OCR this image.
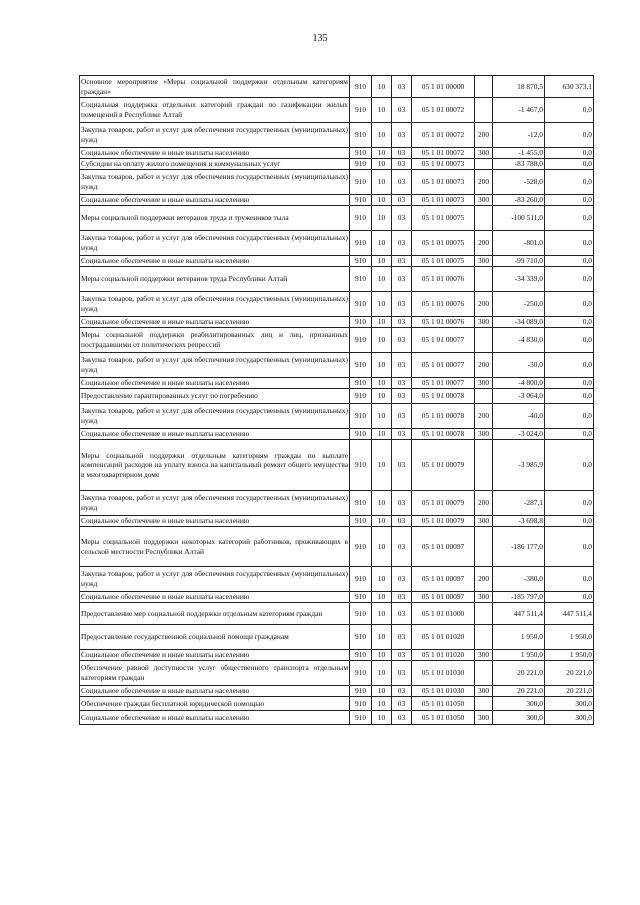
135
Основное мероприятие «Меры социальной поддержки отдельным категориям граждан»	910	10	03	05 1 01 00000		18 870,5	630 373,1
Социальная поддержка отдельных категорий граждан по газификации жилых помещений в Республике Алтай	910	10	03	05 1 01 00072		-1 467,0	0,0
Закупка товаров, работ и услуг для обеспечения государственных (муниципальных) нужд	910	10	03	05 1 01 00072	200	-12,0	0,0
Социальное обеспечение и иные выплаты населению	910	10	03	05 1 01 00072	300	-1 455,0	0,0
Субсидии на оплату жилого помещения и коммунальных услуг	910	10	03	05 1 01 00073		-83 788,0	0,0
Закупка товаров, работ и услуг для обеспечения государственных (муниципальных) нужд	910	10	03	05 1 01 00073	200	-528,0	0,0
Социальное обеспечение и иные выплаты населению	910	10	03	05 1 01 00073	300	-83 260,0	0,0
Меры социальной поддержки ветеранов труда и тружеников тыла	910	10	03	05 1 01 00075		-100 511,0	0,0
Закупка товаров, работ и услуг для обеспечения государственных (муниципальных) нужд	910	10	03	05 1 01 00075	200	-801,0	0,0
Социальное обеспечение и иные выплаты населению	910	10	03	05 1 01 00075	300	-99 710,0	0,0
Меры социальной поддержки ветеранов труда Республики Алтай	910	10	03	05 1 01 00076		-34 339,0	0,0
Закупка товаров, работ и услуг для обеспечения государственных (муниципальных) нужд	910	10	03	05 1 01 00076	200	-250,0	0,0
Социальное обеспечение и иные выплаты населению	910	10	03	05 1 01 00076	300	-34 089,0	0,0
Меры социальной поддержки реабилитированных лиц и лиц, признанных пострадавшими от политических репрессий	910	10	03	05 1 01 00077		-4 830,0	0,0
Закупка товаров, работ и услуг для обеспечения государственных (муниципальных) нужд	910	10	03	05 1 01 00077	200	-30,0	0,0
Социальное обеспечение и иные выплаты населению	910	10	03	05 1 01 00077	300	-4 800,0	0,0
Предоставление гарантированных услуг по погребению	910	10	03	05 1 01 00078		-3 064,0	0,0
Закупка товаров, работ и услуг для обеспечения государственных (муниципальных) нужд	910	10	03	05 1 01 00078	200	-40,0	0,0
Социальное обеспечение и иные выплаты населению	910	10	03	05 1 01 00078	300	-3 024,0	0,0
Меры социальной поддержки отдельным категориям граждан по выплате компенсаций расходов на уплату взноса на капитальный ремонт общего имущества в многоквартирном доме	910	10	03	05 1 01 00079		-3 985,9	0,0
Закупка товаров, работ и услуг для обеспечения государственных (муниципальных) нужд	910	10	03	05 1 01 00079	200	-287,1	0,0
Социальное обеспечение и иные выплаты населению	910	10	03	05 1 01 00079	300	-3 698,8	0,0
Меры социальной поддержки некоторых категорий работников, проживающих в сельской местности Республики Алтай	910	10	03	05 1 01 00097		-186 177,0	0,0
Закупка товаров, работ и услуг для обеспечения государственных (муниципальных) нужд	910	10	03	05 1 01 00097	200	-380,0	0,0
Социальное обеспечение и иные выплаты населению	910	10	03	05 1 01 00097	300	-185 797,0	0,0
Предоставление мер социальной поддержки отдельным категориям граждан	910	10	03	05 1 01 01000		447 511,4	447 511,4
Предоставление государственной социальной помощи гражданам	910	10	03	05 1 01 01020		1 950,0	1 950,0
Социальное обеспечение и иные выплаты населению	910	10	03	05 1 01 01020	300	1 950,0	1 950,0
Обеспечение равной доступности услуг общественного транспорта отдельным категориям граждан	910	10	03	05 1 01 01030		20 221,0	20 221,0
Социальное обеспечение и иные выплаты населению	910	10	03	05 1 01 01030	300	20 221,0	20 221,0
Обеспечение граждан бесплатной юридической помощью	910	10	03	05 1 01 01050		300,0	300,0
Социальное обеспечение и иные выплаты населению	910	10	03	05 1 01 01050	300	300,0	300,0
